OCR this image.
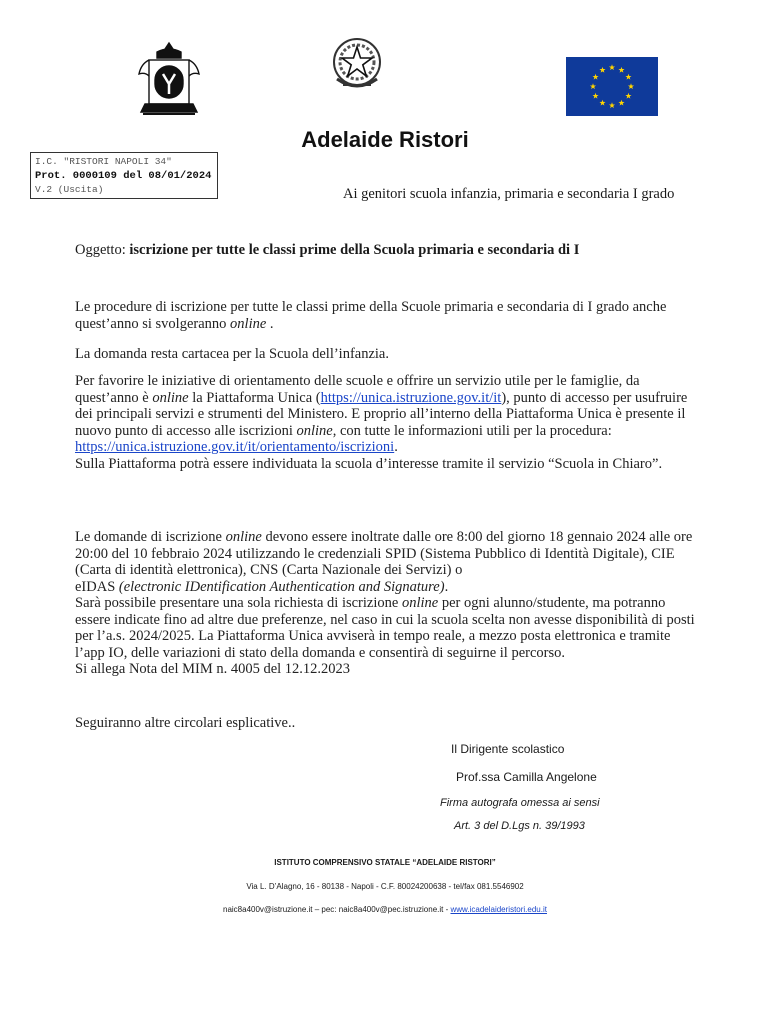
Adelaide Ristori
I.C. "RISTORI NAPOLI 34"
Prot. 0000109 del 08/01/2024
V.2 (Uscita)	Ai genitori scuola infanzia, primaria e secondaria I grado
Oggetto: iscrizione per tutte le classi prime della Scuola primaria e secondaria di I

Le procedure di iscrizione per tutte le classi prime della Scuole primaria e secondaria di I grado anche quest’anno si svolgeranno online .

La domanda resta cartacea per la Scuola dell’infanzia.

Per favorire le iniziative di orientamento delle scuole e offrire un servizio utile per le famiglie, da quest’anno è online la Piattaforma Unica (https://unica.istruzione.gov.it/it), punto di accesso per usufruire dei principali servizi e strumenti del Ministero. E proprio all’interno della Piattaforma Unica è presente il nuovo punto di accesso alle iscrizioni online, con tutte le informazioni utili per la procedura:

https://unica.istruzione.gov.it/it/orientamento/iscrizioni.

Sulla Piattaforma potrà essere individuata la scuola d’interesse tramite il servizio “Scuola in Chiaro”.

Le domande di iscrizione online devono essere inoltrate dalle ore 8:00 del giorno 18 gennaio 2024 alle ore 20:00 del 10 febbraio 2024 utilizzando le credenziali SPID (Sistema Pubblico di Identità Digitale), CIE (Carta di identità elettronica), CNS (Carta Nazionale dei Servizi) o

eIDAS (electronic IDentification Authentication and Signature).

Sarà possibile presentare una sola richiesta di iscrizione online per ogni alunno/studente, ma potranno essere indicate fino ad altre due preferenze, nel caso in cui la scuola scelta non avesse disponibilità di posti per l’a.s. 2024/2025. La Piattaforma Unica avviserà in tempo reale, a mezzo posta elettronica e tramite l’app IO, delle variazioni di stato della domanda e consentirà di seguirne il percorso.

Si allega Nota del MIM n. 4005 del 12.12.2023

Seguiranno altre circolari esplicative..

Il Dirigente scolastico
Prof.ssa Camilla Angelone
Firma autografa omessa ai sensi
Art. 3 del D.Lgs n. 39/1993
ISTITUTO COMPRENSIVO STATALE “ADELAIDE RISTORI”
Via L. D’Alagno, 16 - 80138 - Napoli - C.F. 80024200638 - tel/fax 081.5546902
naic8a400v@istruzione.it – pec: naic8a400v@pec.istruzione.it - www.icadelaideristori.edu.it
